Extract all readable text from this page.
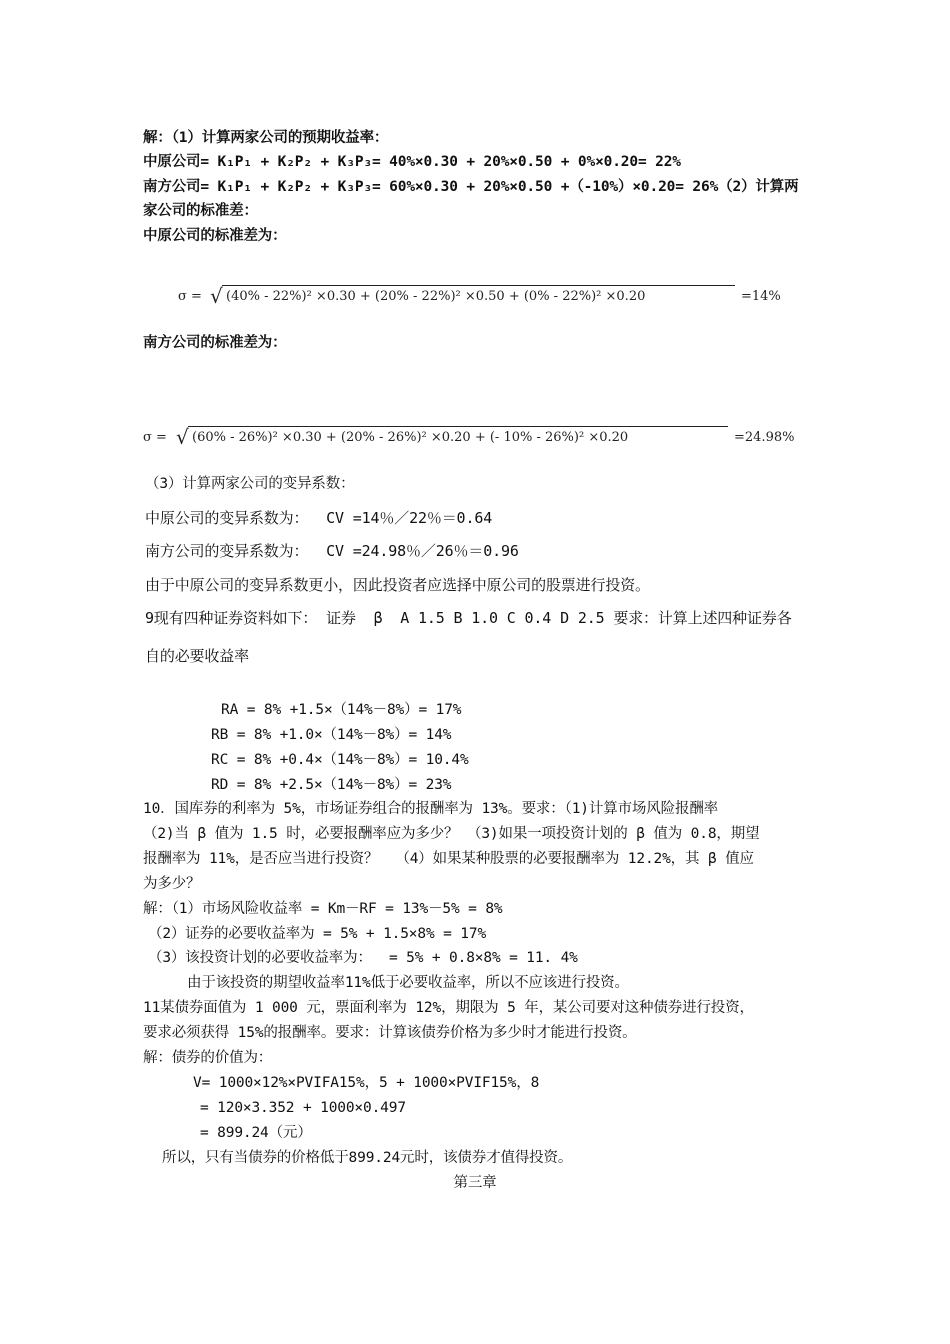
解：（1）计算两家公司的预期收益率：
中原公司= K₁P₁ + K₂P₂ + K₃P₃= 40%×0.30 + 20%×0.50 + 0%×0.20= 22%
南方公司= K₁P₁ + K₂P₂ + K₃P₃= 60%×0.30 + 20%×0.50 +（-10%）×0.20= 26%（2）计算两
家公司的标准差：
中原公司的标准差为：
σ = √ (40% - 22%)² ×0.30 + (20% - 22%)² ×0.50 + (0% - 22%)² ×0.20	=14%
南方公司的标准差为：
σ = √ (60% - 26%)² ×0.30 + (20% - 26%)² ×0.20 + (- 10% - 26%)² ×0.20	=24.98%
（3）计算两家公司的变异系数：
中原公司的变异系数为：  CV =14％／22％＝0.64
南方公司的变异系数为：  CV =24.98％／26％＝0.96
由于中原公司的变异系数更小，因此投资者应选择中原公司的股票进行投资。
9现有四种证券资料如下： 证券  β  A 1.5 B 1.0 C 0.4 D 2.5 要求：计算上述四种证券各
自的必要收益率
RA = 8% +1.5×（14%－8%）= 17%
RB = 8% +1.0×（14%－8%）= 14%
RC = 8% +0.4×（14%－8%）= 10.4%
RD = 8% +2.5×（14%－8%）= 23%
10．国库券的利率为 5%，市场证券组合的报酬率为 13%。要求：（1)计算市场风险报酬率
（2)当 β 值为 1.5 时，必要报酬率应为多少？ （3)如果一项投资计划的 β 值为 0.8，期望
报酬率为 11%，是否应当进行投资？  （4）如果某种股票的必要报酬率为 12.2%，其 β 值应
为多少？
解：（1）市场风险收益率 = Km－RF = 13%－5% = 8%
（2）证券的必要收益率为 = 5% + 1.5×8% = 17%
（3）该投资计划的必要收益率为：  = 5% + 0.8×8% = 11. 4%
由于该投资的期望收益率11%低于必要收益率，所以不应该进行投资。
11某债券面值为 1 000 元，票面利率为 12%，期限为 5 年，某公司要对这种债券进行投资，
要求必须获得 15%的报酬率。要求：计算该债券价格为多少时才能进行投资。
解：债券的价值为：
V= 1000×12%×PVIFA15%，5 + 1000×PVIF15%，8
= 120×3.352 + 1000×0.497
= 899.24（元）
所以，只有当债券的价格低于899.24元时，该债券才值得投资。
第三章
